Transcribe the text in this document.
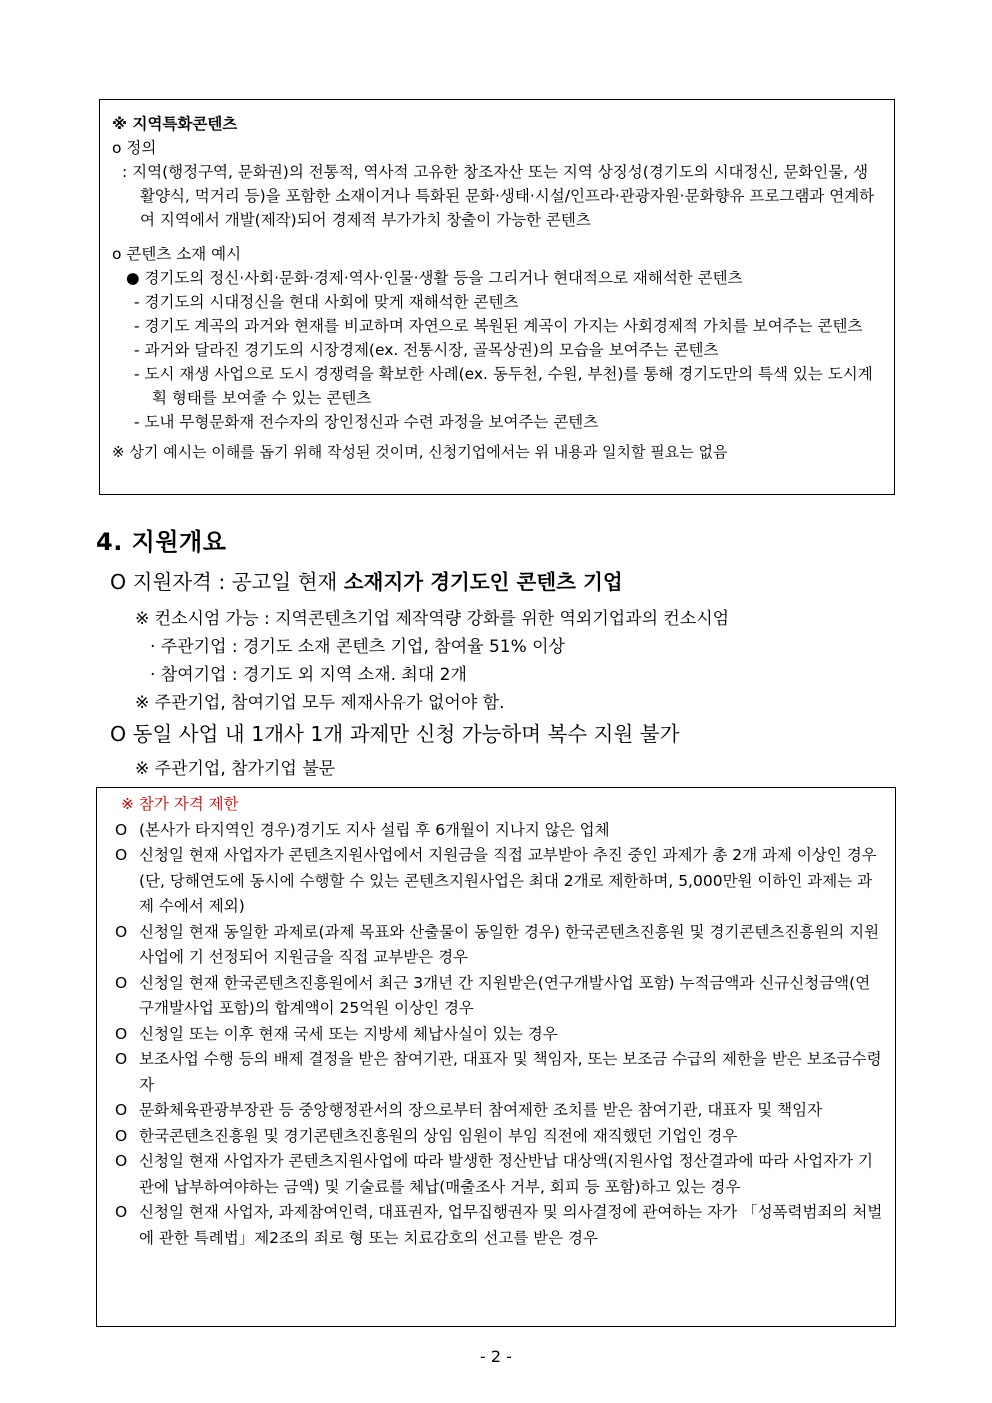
※ 지역특화콘텐츠
o 정의
: 지역(행정구역, 문화권)의 전통적, 역사적 고유한 창조자산 또는 지역 상징성(경기도의 시대정신, 문화인물, 생활양식, 먹거리 등)을 포함한 소재이거나 특화된 문화·생태·시설/인프라·관광자원·문화향유 프로그램과 연계하여 지역에서 개발(제작)되어 경제적 부가가치 창출이 가능한 콘텐츠
o 콘텐츠 소재 예시
● 경기도의 정신·사회·문화·경제·역사·인물·생활 등을 그리거나 현대적으로 재해석한 콘텐츠
- 경기도의 시대정신을 현대 사회에 맞게 재해석한 콘텐츠
- 경기도 계곡의 과거와 현재를 비교하며 자연으로 복원된 계곡이 가지는 사회경제적 가치를 보여주는 콘텐츠
- 과거와 달라진 경기도의 시장경제(ex. 전통시장, 골목상권)의 모습을 보여주는 콘텐츠
- 도시 재생 사업으로 도시 경쟁력을 확보한 사례(ex. 동두천, 수원, 부천)를 통해 경기도만의 특색 있는 도시계획 형태를 보여줄 수 있는 콘텐츠
- 도내 무형문화재 전수자의 장인정신과 수련 과정을 보여주는 콘텐츠
※ 상기 예시는 이해를 돕기 위해 작성된 것이며, 신청기업에서는 위 내용과 일치할 필요는 없음
4. 지원개요
O 지원자격 : 공고일 현재 소재지가 경기도인 콘텐츠 기업
※ 컨소시엄 가능 : 지역콘텐츠기업 제작역량 강화를 위한 역외기업과의 컨소시엄
· 주관기업 : 경기도 소재 콘텐츠 기업, 참여율 51% 이상
· 참여기업 : 경기도 외 지역 소재. 최대 2개
※ 주관기업, 참여기업 모두 제재사유가 없어야 함.
O 동일 사업 내 1개사 1개 과제만 신청 가능하며 복수 지원 불가
※ 주관기업, 참가기업 불문
※ 참가 자격 제한
O (본사가 타지역인 경우)경기도 지사 설립 후 6개월이 지나지 않은 업체
O 신청일 현재 사업자가 콘텐츠지원사업에서 지원금을 직접 교부받아 추진 중인 과제가 총 2개 과제 이상인 경우
(단, 당해연도에 동시에 수행할 수 있는 콘텐츠지원사업은 최대 2개로 제한하며, 5,000만원 이하인 과제는 과제 수에서 제외)
O 신청일 현재 동일한 과제로(과제 목표와 산출물이 동일한 경우) 한국콘텐츠진흥원 및 경기콘텐츠진흥원의 지원사업에 기 선정되어 지원금을 직접 교부받은 경우
O 신청일 현재 한국콘텐츠진흥원에서 최근 3개년 간 지원받은(연구개발사업 포함) 누적금액과 신규신청금액(연구개발사업 포함)의 합계액이 25억원 이상인 경우
O 신청일 또는 이후 현재 국세 또는 지방세 체납사실이 있는 경우
O 보조사업 수행 등의 배제 결정을 받은 참여기관, 대표자 및 책임자, 또는 보조금 수급의 제한을 받은 보조금수령자
O 문화체육관광부장관 등 중앙행정관서의 장으로부터 참여제한 조치를 받은 참여기관, 대표자 및 책임자
O 한국콘텐츠진흥원 및 경기콘텐츠진흥원의 상임 임원이 부임 직전에 재직했던 기업인 경우
O 신청일 현재 사업자가 콘텐츠지원사업에 따라 발생한 정산반납 대상액(지원사업 정산결과에 따라 사업자가 기관에 납부하여야하는 금액) 및 기술료를 체납(매출조사 거부, 회피 등 포함)하고 있는 경우
O 신청일 현재 사업자, 과제참여인력, 대표권자, 업무집행권자 및 의사결정에 관여하는 자가 「성폭력범죄의 처벌에 관한 특례법」제2조의 죄로 형 또는 치료감호의 선고를 받은 경우
- 2 -
